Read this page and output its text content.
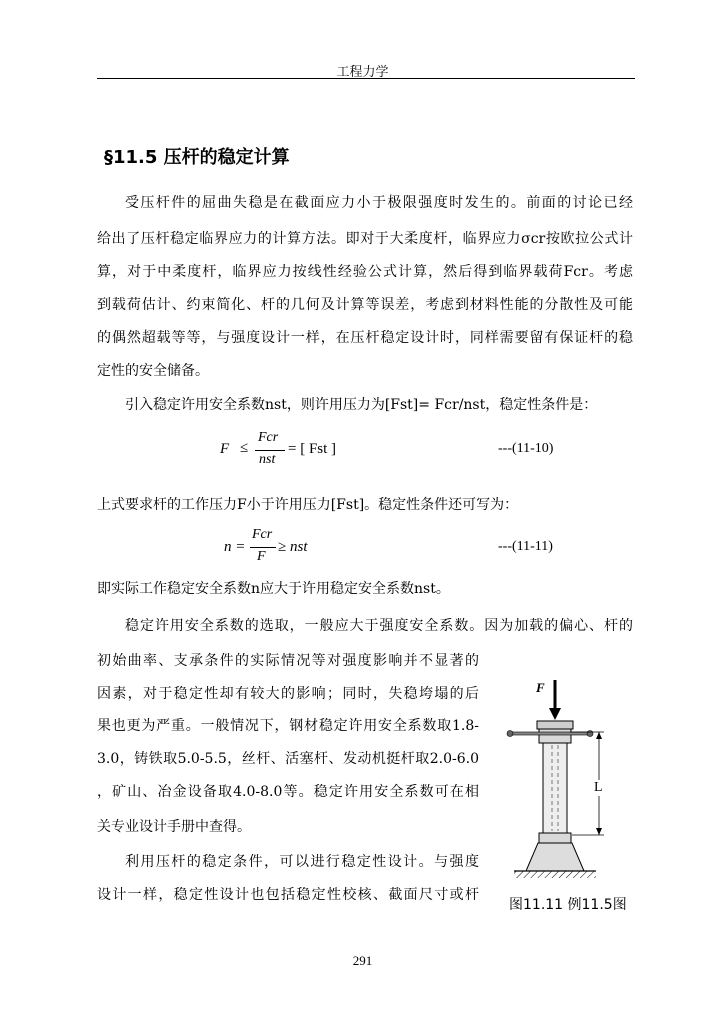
工程力学
§11.5 压杆的稳定计算
受压杆件的屈曲失稳是在截面应力小于极限强度时发生的。前面的讨论已经
给出了压杆稳定临界应力的计算方法。即对于大柔度杆，临界应力σcr按欧拉公式计
算，对于中柔度杆，临界应力按线性经验公式计算，然后得到临界载荷Fcr。考虑
到载荷估计、约束简化、杆的几何及计算等误差，考虑到材料性能的分散性及可能
的偶然超载等等，与强度设计一样，在压杆稳定设计时，同样需要留有保证杆的稳
定性的安全储备。
引入稳定许用安全系数nst，则许用压力为[Fst]= Fcr/nst，稳定性条件是：
F ≤
Fcr
nst
= [ Fst ]	---(11-10)
上式要求杆的工作压力F小于许用压力[Fst]。稳定性条件还可写为：
n =
Fcr
F
≥ nst	---(11-11)
即实际工作稳定安全系数n应大于许用稳定安全系数nst。
稳定许用安全系数的选取，一般应大于强度安全系数。因为加载的偏心、杆的
初始曲率、支承条件的实际情况等对强度影响并不显著的
因素，对于稳定性却有较大的影响；同时，失稳垮塌的后
果也更为严重。一般情况下，钢材稳定许用安全系数取1.8-
3.0，铸铁取5.0-5.5，丝杆、活塞杆、发动机挺杆取2.0-6.0
，矿山、冶金设备取4.0-8.0等。稳定许用安全系数可在相
关专业设计手册中查得。
利用压杆的稳定条件，可以进行稳定性设计。与强度
设计一样，稳定性设计也包括稳定性校核、截面尺寸或杆
F
L
图11.11 例11.5图
291
